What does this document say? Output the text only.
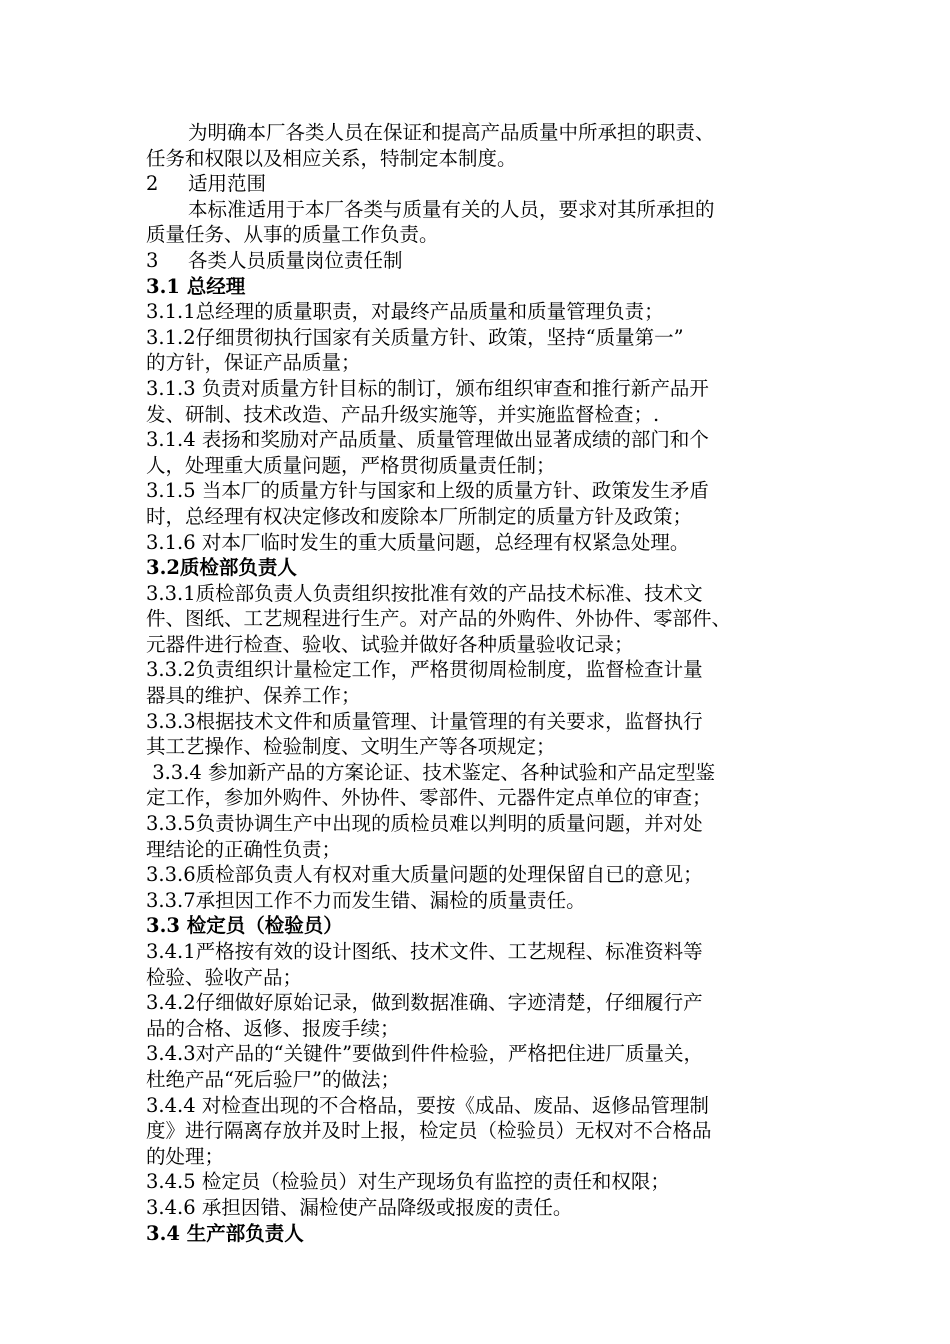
为明确本厂各类人员在保证和提高产品质量中所承担的职责、
任务和权限以及相应关系，特制定本制度。
2 适用范围
本标准适用于本厂各类与质量有关的人员，要求对其所承担的
质量任务、从事的质量工作负责。
3 各类人员质量岗位责任制
3.1 总经理
3.1.1总经理的质量职责，对最终产品质量和质量管理负责；
3.1.2仔细贯彻执行国家有关质量方针、政策，坚持“质量第一”
的方针，保证产品质量；
3.1.3 负责对质量方针目标的制订，颁布组织审查和推行新产品开
发、研制、技术改造、产品升级实施等，并实施监督检查；.
3.1.4 表扬和奖励对产品质量、质量管理做出显著成绩的部门和个
人，处理重大质量问题，严格贯彻质量责任制；
3.1.5 当本厂的质量方针与国家和上级的质量方针、政策发生矛盾
时，总经理有权决定修改和废除本厂所制定的质量方针及政策；
3.1.6 对本厂临时发生的重大质量问题，总经理有权紧急处理。
3.2质检部负责人
3.3.1质检部负责人负责组织按批准有效的产品技术标准、技术文
件、图纸、工艺规程进行生产。对产品的外购件、外协件、零部件、
元器件进行检查、验收、试验并做好各种质量验收记录；
3.3.2负责组织计量检定工作，严格贯彻周检制度，监督检查计量
器具的维护、保养工作；
3.3.3根据技术文件和质量管理、计量管理的有关要求，监督执行
其工艺操作、检验制度、文明生产等各项规定；
3.3.4 参加新产品的方案论证、技术鉴定、各种试验和产品定型鉴
定工作，参加外购件、外协件、零部件、元器件定点单位的审查；
3.3.5负责协调生产中出现的质检员难以判明的质量问题，并对处
理结论的正确性负责；
3.3.6质检部负责人有权对重大质量问题的处理保留自已的意见；
3.3.7承担因工作不力而发生错、漏检的质量责任。
3.3 检定员（检验员）
3.4.1严格按有效的设计图纸、技术文件、工艺规程、标准资料等
检验、验收产品；
3.4.2仔细做好原始记录，做到数据准确、字迹清楚，仔细履行产
品的合格、返修、报废手续；
3.4.3对产品的“关键件”要做到件件检验，严格把住进厂质量关，
杜绝产品“死后验尸”的做法；
3.4.4 对检查出现的不合格品，要按《成品、废品、返修品管理制
度》进行隔离存放并及时上报，检定员（检验员）无权对不合格品
的处理；
3.4.5 检定员（检验员）对生产现场负有监控的责任和权限；
3.4.6 承担因错、漏检使产品降级或报废的责任。
3.4 生产部负责人
